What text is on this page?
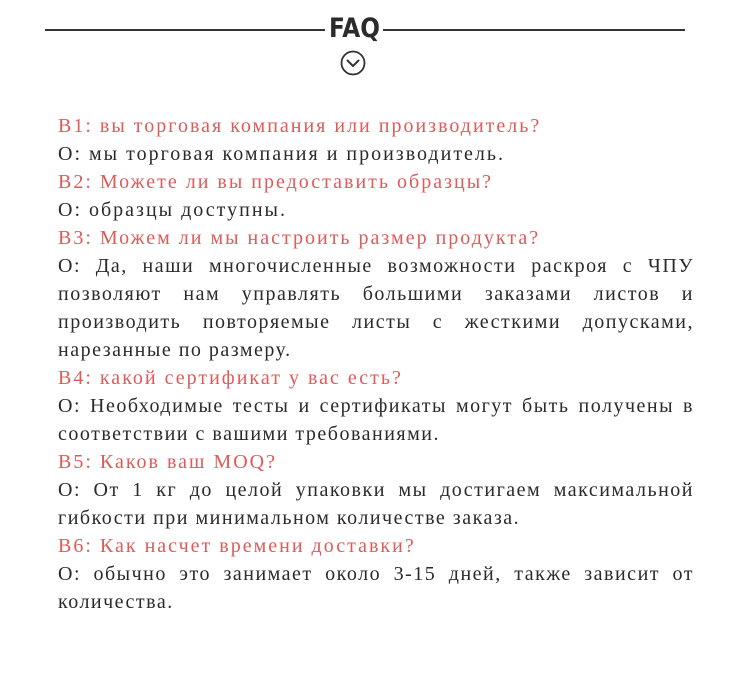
FAQ
В1: вы торговая компания или производитель?
О: мы торговая компания и производитель.
В2: Можете ли вы предоставить образцы?
О: образцы доступны.
В3: Можем ли мы настроить размер продукта?
О: Да, наши многочисленные возможности раскроя с ЧПУ позволяют нам управлять большими заказами листов и производить повторяемые листы с жесткими допусками, нарезанные по размеру.
В4: какой сертификат у вас есть?
О: Необходимые тесты и сертификаты могут быть получены в соответствии с вашими требованиями.
В5: Каков ваш MOQ?
О: От 1 кг до целой упаковки мы достигаем максимальной гибкости при минимальном количестве заказа.
В6: Как насчет времени доставки?
О: обычно это занимает около 3-15 дней, также зависит от количества.
